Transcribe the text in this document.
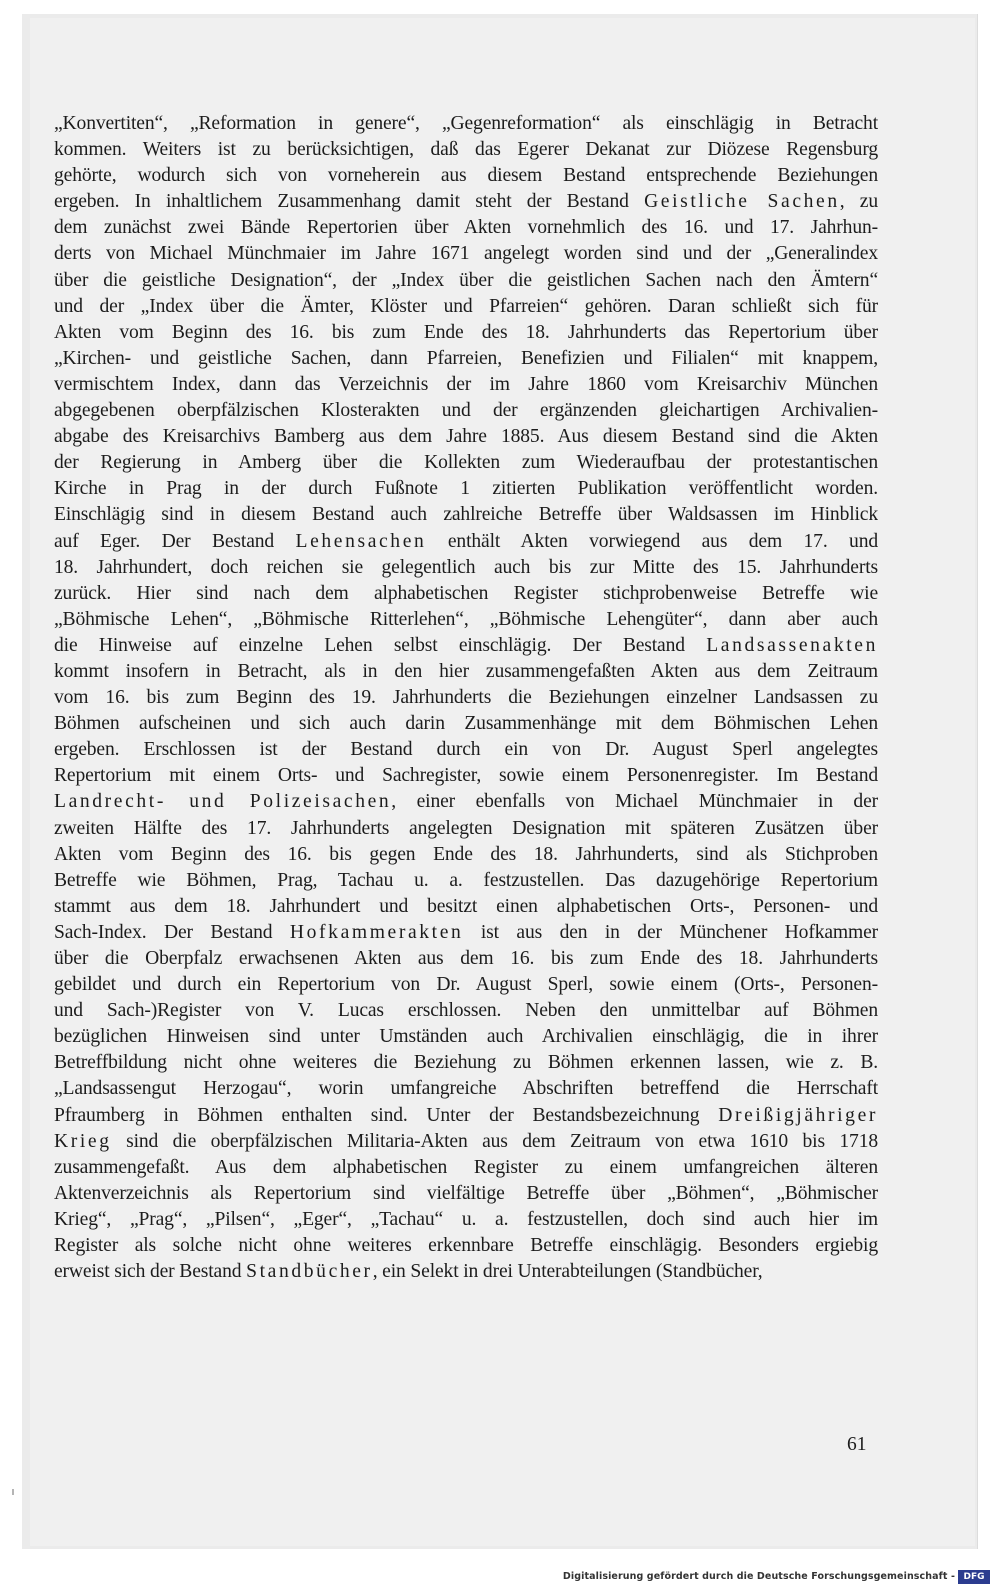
„Konvertiten“, „Reformation in genere“, „Gegenreformation“ als einschlägig in Betracht
kommen. Weiters ist zu berücksichtigen, daß das Egerer Dekanat zur Diözese Regensburg
gehörte, wodurch sich von vorneherein aus diesem Bestand entsprechende Beziehungen
ergeben. In inhaltlichem Zusammenhang damit steht der Bestand Geistliche Sachen, zu
dem zunächst zwei Bände Repertorien über Akten vornehmlich des 16. und 17. Jahrhun-
derts von Michael Münchmaier im Jahre 1671 angelegt worden sind und der „Generalindex
über die geistliche Designation“, der „Index über die geistlichen Sachen nach den Ämtern“
und der „Index über die Ämter, Klöster und Pfarreien“ gehören. Daran schließt sich für
Akten vom Beginn des 16. bis zum Ende des 18. Jahrhunderts das Repertorium über
„Kirchen- und geistliche Sachen, dann Pfarreien, Benefizien und Filialen“ mit knappem,
vermischtem Index, dann das Verzeichnis der im Jahre 1860 vom Kreisarchiv München
abgegebenen oberpfälzischen Klosterakten und der ergänzenden gleichartigen Archivalien-
abgabe des Kreisarchivs Bamberg aus dem Jahre 1885. Aus diesem Bestand sind die Akten
der Regierung in Amberg über die Kollekten zum Wiederaufbau der protestantischen
Kirche in Prag in der durch Fußnote 1 zitierten Publikation veröffentlicht worden.
Einschlägig sind in diesem Bestand auch zahlreiche Betreffe über Waldsassen im Hinblick
auf Eger. Der Bestand Lehensachen enthält Akten vorwiegend aus dem 17. und
18. Jahrhundert, doch reichen sie gelegentlich auch bis zur Mitte des 15. Jahrhunderts
zurück. Hier sind nach dem alphabetischen Register stichprobenweise Betreffe wie
„Böhmische Lehen“, „Böhmische Ritterlehen“, „Böhmische Lehengüter“, dann aber auch
die Hinweise auf einzelne Lehen selbst einschlägig. Der Bestand Landsassenakten
kommt insofern in Betracht, als in den hier zusammengefaßten Akten aus dem Zeitraum
vom 16. bis zum Beginn des 19. Jahrhunderts die Beziehungen einzelner Landsassen zu
Böhmen aufscheinen und sich auch darin Zusammenhänge mit dem Böhmischen Lehen
ergeben. Erschlossen ist der Bestand durch ein von Dr. August Sperl angelegtes
Repertorium mit einem Orts- und Sachregister, sowie einem Personenregister. Im Bestand
Landrecht- und Polizeisachen, einer ebenfalls von Michael Münchmaier in der
zweiten Hälfte des 17. Jahrhunderts angelegten Designation mit späteren Zusätzen über
Akten vom Beginn des 16. bis gegen Ende des 18. Jahrhunderts, sind als Stichproben
Betreffe wie Böhmen, Prag, Tachau u. a. festzustellen. Das dazugehörige Repertorium
stammt aus dem 18. Jahrhundert und besitzt einen alphabetischen Orts-, Personen- und
Sach-Index. Der Bestand Hofkammerakten ist aus den in der Münchener Hofkammer
über die Oberpfalz erwachsenen Akten aus dem 16. bis zum Ende des 18. Jahrhunderts
gebildet und durch ein Repertorium von Dr. August Sperl, sowie einem (Orts-, Personen-
und Sach-)Register von V. Lucas erschlossen. Neben den unmittelbar auf Böhmen
bezüglichen Hinweisen sind unter Umständen auch Archivalien einschlägig, die in ihrer
Betreffbildung nicht ohne weiteres die Beziehung zu Böhmen erkennen lassen, wie z. B.
„Landsassengut Herzogau“, worin umfangreiche Abschriften betreffend die Herrschaft
Pfraumberg in Böhmen enthalten sind. Unter der Bestandsbezeichnung Dreißigjähriger
Krieg sind die oberpfälzischen Militaria-Akten aus dem Zeitraum von etwa 1610 bis 1718
zusammengefaßt. Aus dem alphabetischen Register zu einem umfangreichen älteren
Aktenverzeichnis als Repertorium sind vielfältige Betreffe über „Böhmen“, „Böhmischer
Krieg“, „Prag“, „Pilsen“, „Eger“, „Tachau“ u. a. festzustellen, doch sind auch hier im
Register als solche nicht ohne weiteres erkennbare Betreffe einschlägig. Besonders ergiebig
erweist sich der Bestand Standbücher, ein Selekt in drei Unterabteilungen (Standbücher,
61
Digitalisierung gefördert durch die Deutsche Forschungsgemeinschaft - DFG
